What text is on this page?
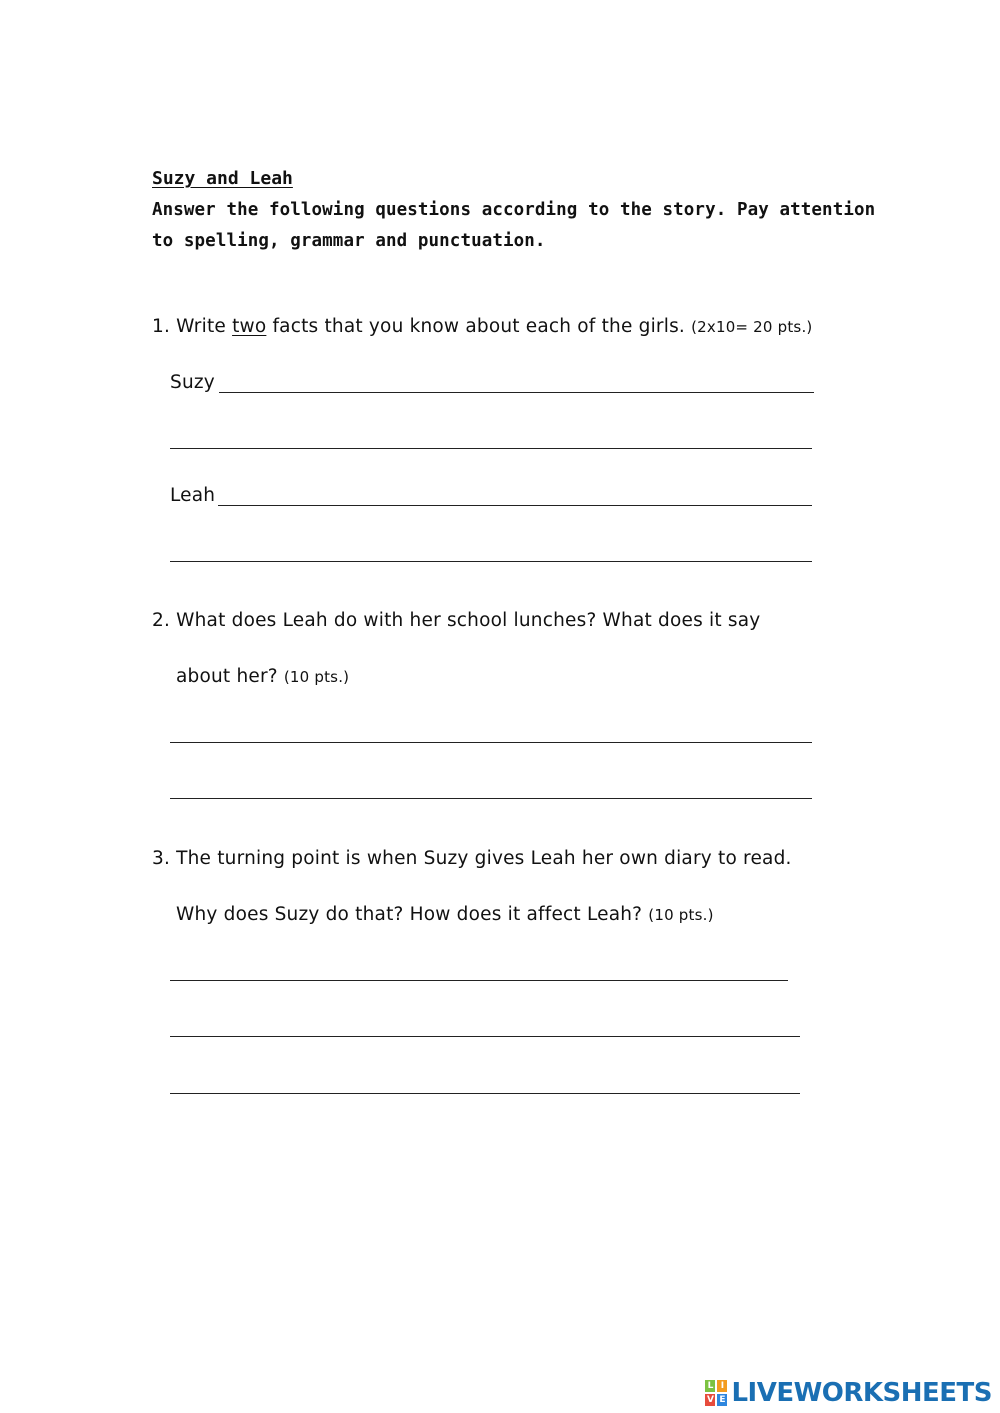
Suzy and Leah
Answer the following questions according to the story. Pay attention
to spelling, grammar and punctuation.
1. Write two facts that you know about each of the girls. (2x10= 20 pts.)
Suzy
Leah
2. What does Leah do with her school lunches? What does it say
about her? (10 pts.)
3. The turning point is when Suzy gives Leah her own diary to read.
Why does Suzy do that? How does it affect Leah? (10 pts.)
L I
V E LIVEWORKSHEETS
